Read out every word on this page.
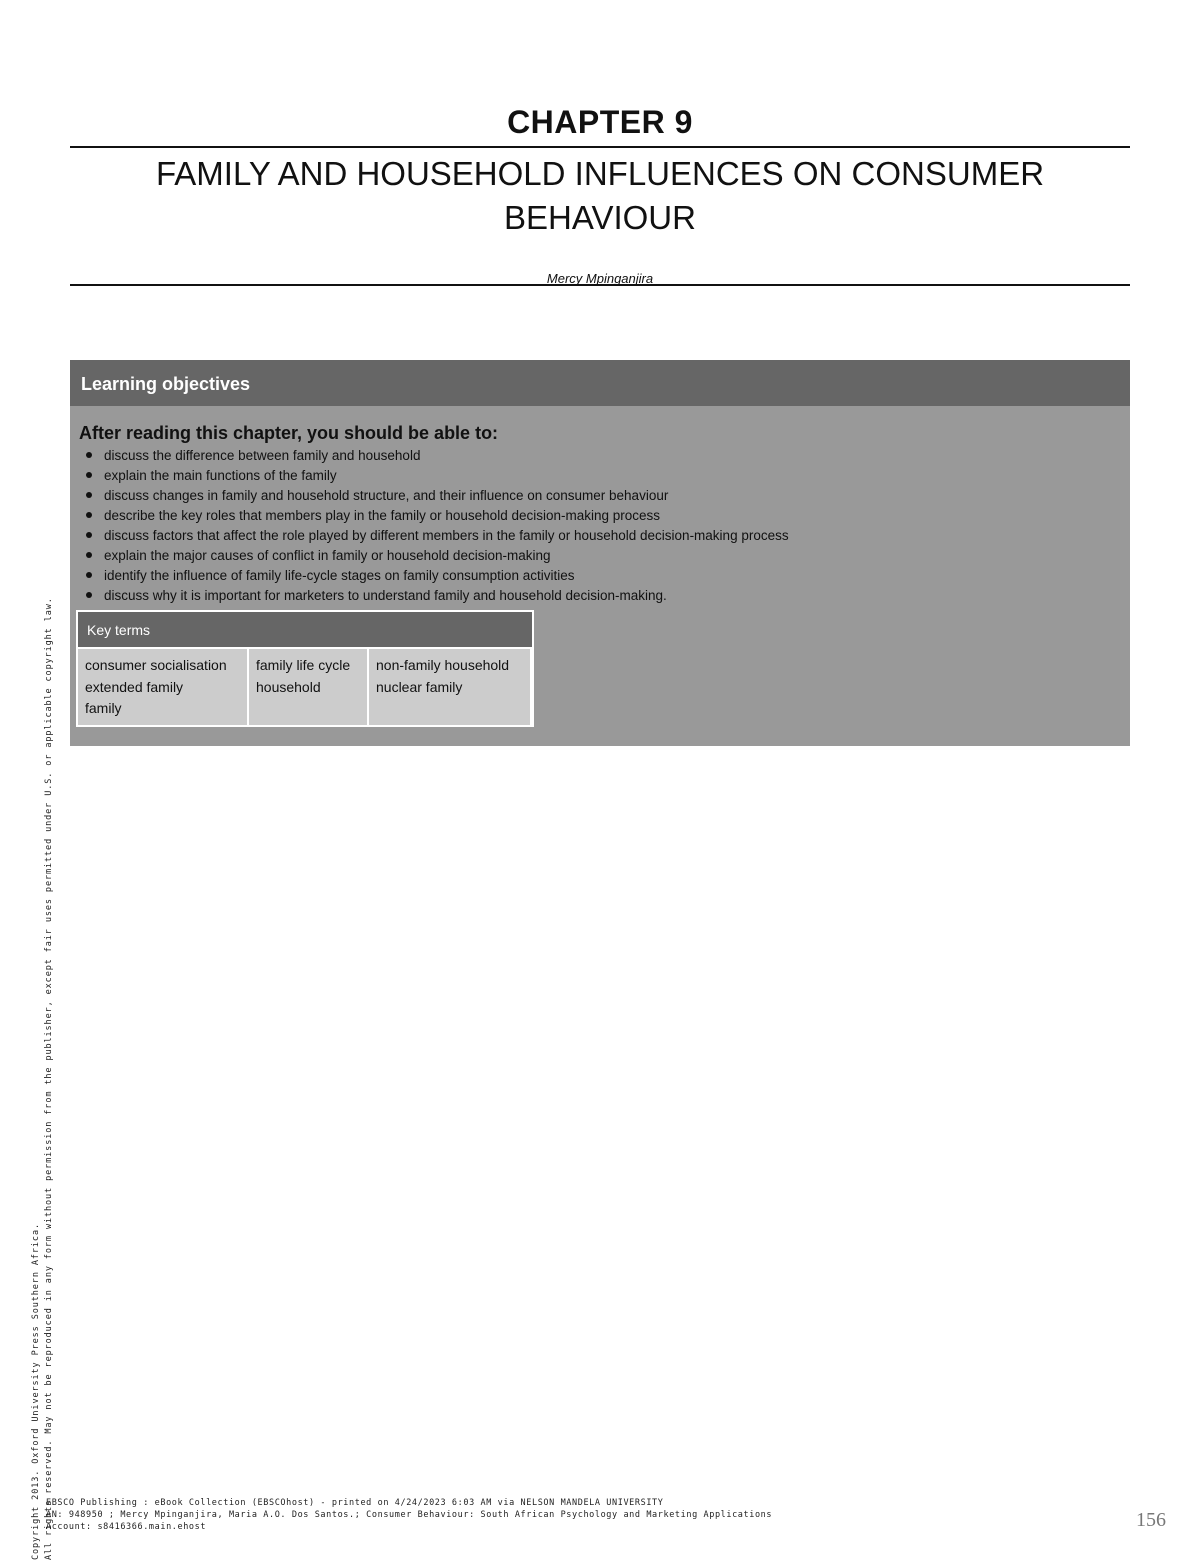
CHAPTER 9
FAMILY AND HOUSEHOLD INFLUENCES ON CONSUMER BEHAVIOUR
Mercy Mpinganjira
Learning objectives
After reading this chapter, you should be able to:
discuss the difference between family and household
explain the main functions of the family
discuss changes in family and household structure, and their influence on consumer behaviour
describe the key roles that members play in the family or household decision-making process
discuss factors that affect the role played by different members in the family or household decision-making process
explain the major causes of conflict in family or household decision-making
identify the influence of family life-cycle stages on family consumption activities
discuss why it is important for marketers to understand family and household decision-making.
Key terms
consumer socialisation
extended family
family
family life cycle
household
non-family household
nuclear family
Copyright 2013. Oxford University Press Southern Africa. All rights reserved. May not be reproduced in any form without permission from the publisher, except fair uses permitted under U.S. or applicable copyright law.
EBSCO Publishing : eBook Collection (EBSCOhost) - printed on 4/24/2023 6:03 AM via NELSON MANDELA UNIVERSITY
AN: 948950 ; Mercy Mpinganjira, Maria A.O. Dos Santos.; Consumer Behaviour: South African Psychology and Marketing Applications
Account: s8416366.main.ehost	156
